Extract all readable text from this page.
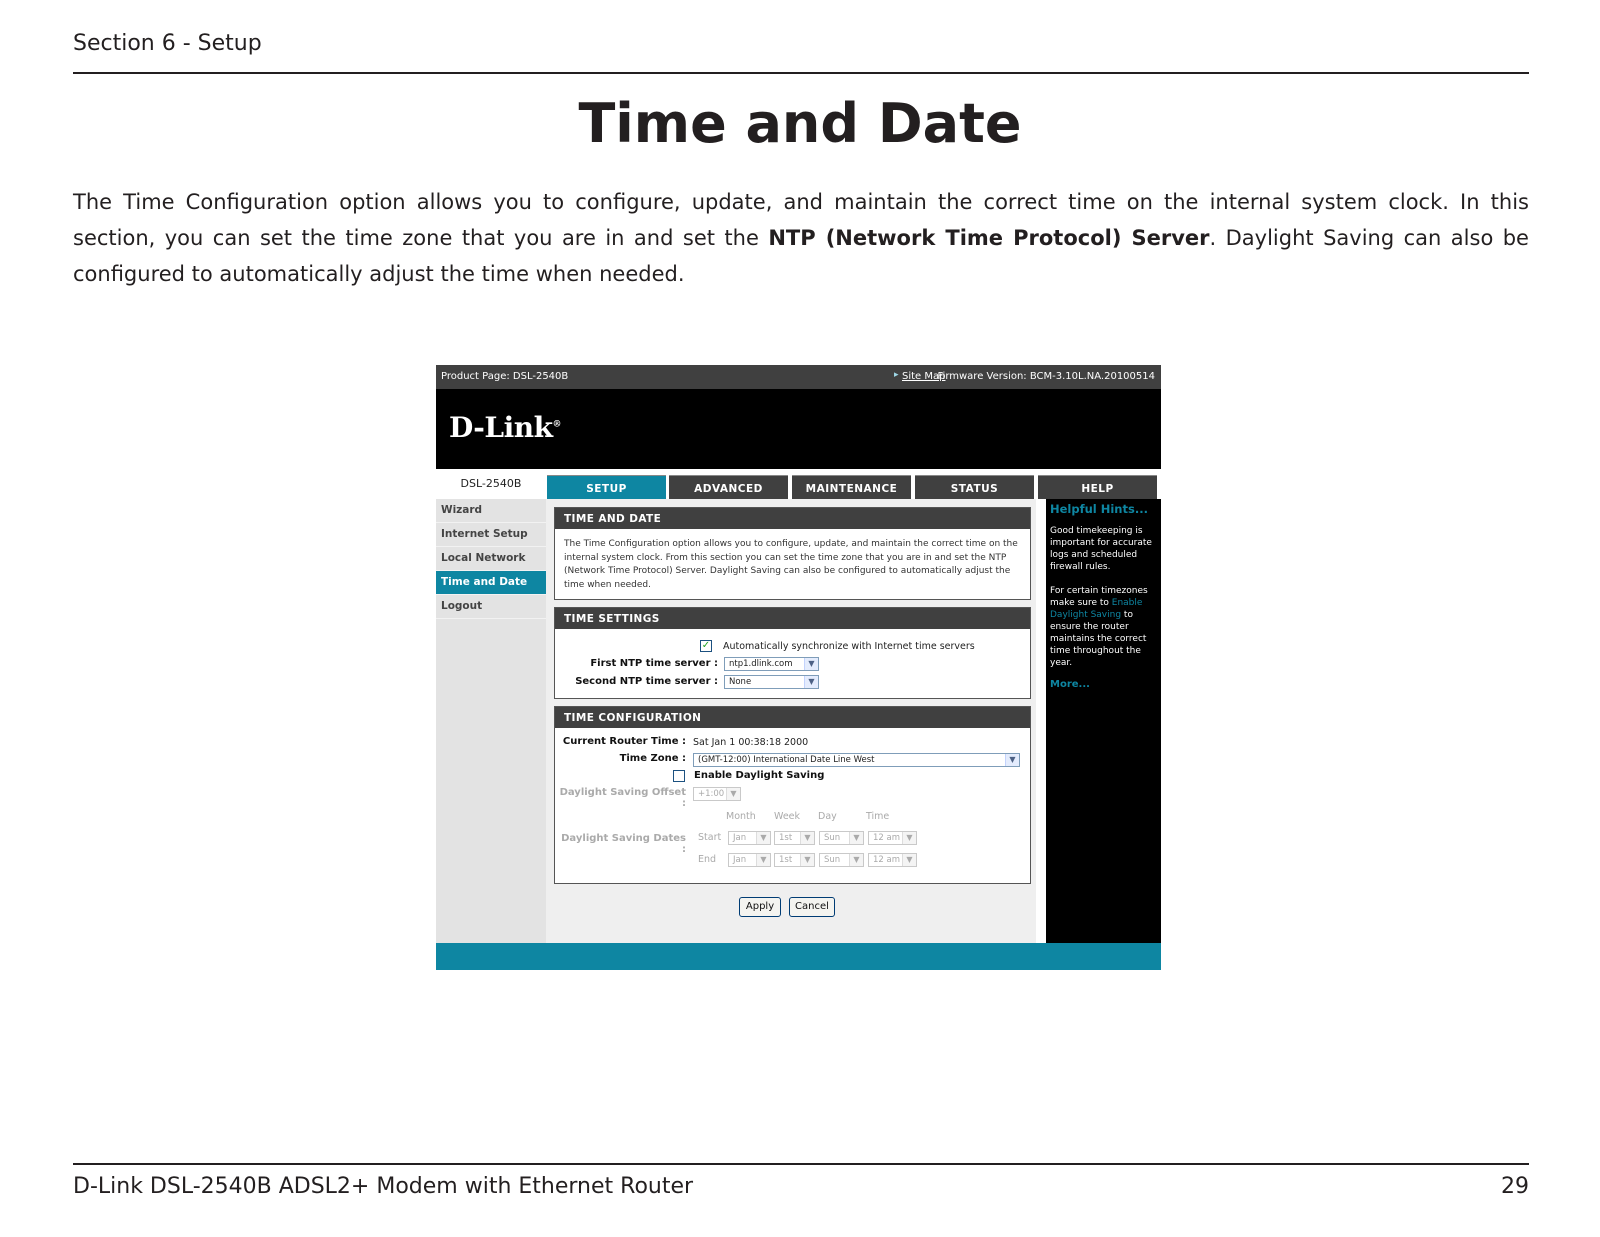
Section 6 - Setup
Time and Date

The Time Configuration option allows you to configure, update, and maintain the correct time on the internal system clock. In this section, you can set the time zone that you are in and set the NTP (Network Time Protocol) Server. Daylight Saving can also be configured to automatically adjust the time when needed.

Product Page: DSL-2540B	▸ Site Map
Firmware Version: BCM-3.10L.NA.20100514
D-Link®
DSL-2540B	SETUP	ADVANCED	MAINTENANCE	STATUS	HELP
Wizard
Internet Setup
Local Network
Time and Date
Logout
TIME AND DATE
The Time Configuration option allows you to configure, update, and maintain the correct time on the internal system clock. From this section you can set the time zone that you are in and set the NTP (Network Time Protocol) Server. Daylight Saving can also be configured to automatically adjust the time when needed.
TIME SETTINGS
✓ Automatically synchronize with Internet time servers
First NTP time server :	ntp1.dlink.com	▼
Second NTP time server :	None	▼
TIME CONFIGURATION
Current Router Time : Sat Jan 1 00:38:18 2000
Time Zone :	(GMT-12:00) International Date Line West	▼
Enable Daylight Saving
Daylight Saving Offset :
+1:00 ▼
Month Week Day	Time
Daylight Saving Dates :
Start	Jan	▼	1st	▼	Sun	▼	12 am ▼
End	Jan	▼	1st	▼	Sun	▼	12 am ▼
Apply	Cancel
Helpful Hints...

Good timekeeping is important for accurate logs and scheduled firewall rules.

For certain timezones make sure to Enable Daylight Saving to ensure the router maintains the correct time throughout the year.

More...
D-Link DSL-2540B ADSL2+ Modem with Ethernet Router	29
